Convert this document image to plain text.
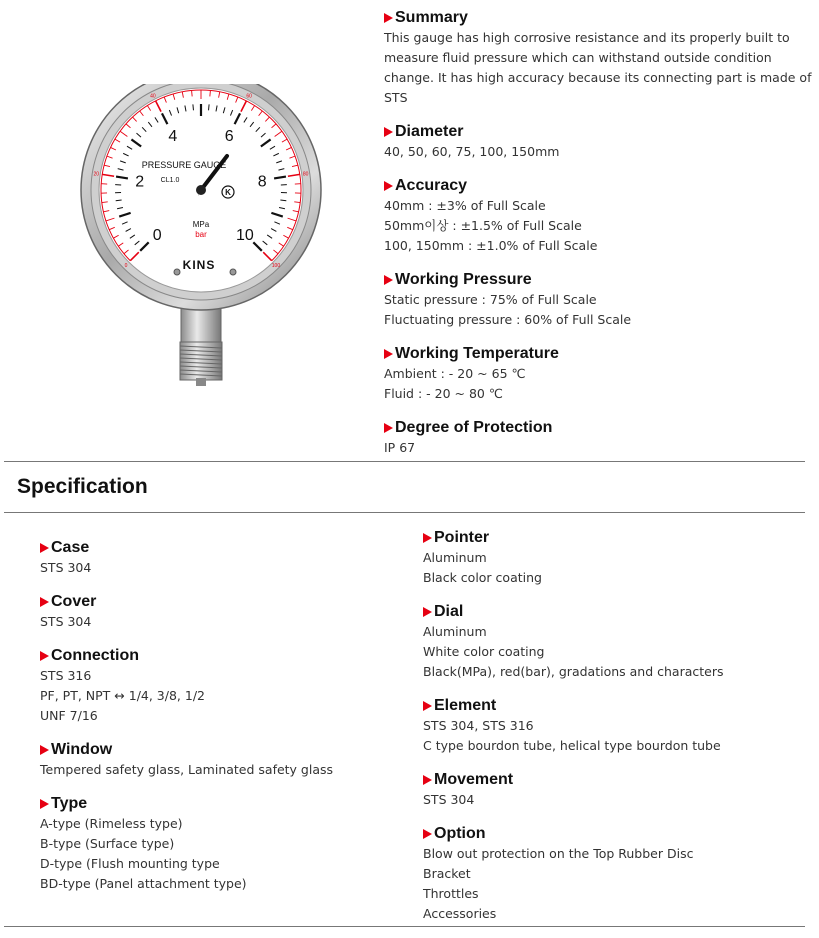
0
2
4	6
8
10
0
20
40	60
80
100
PRESSURE GAUGE
CL1.0
MPa
bar
KINS
K
Summary
This gauge has high corrosive resistance and its properly built to
measure fluid pressure which can withstand outside condition
change. It has high accuracy because its connecting part is made of
STS
Diameter
40, 50, 60, 75, 100, 150mm
Accuracy
40mm : ±3% of Full Scale
50mm이상 : ±1.5% of Full Scale
100, 150mm : ±1.0% of Full Scale
Working Pressure
Static pressure : 75% of Full Scale
Fluctuating pressure : 60% of Full Scale
Working Temperature
Ambient : - 20 ~ 65 ℃
Fluid : - 20 ~ 80 ℃
Degree of Protection
IP 67
Specification
Case
STS 304
Cover
STS 304
Connection
STS 316
PF, PT, NPT ↔ 1/4, 3/8, 1/2
UNF 7/16
Window
Tempered safety glass, Laminated safety glass
Type
A-type (Rimeless type)
B-type (Surface type)
D-type (Flush mounting type
BD-type (Panel attachment type)
Pointer
Aluminum
Black color coating
Dial
Aluminum
White color coating
Black(MPa), red(bar), gradations and characters
Element
STS 304, STS 316
C type bourdon tube, helical type bourdon tube
Movement
STS 304
Option
Blow out protection on the Top Rubber Disc
Bracket
Throttles
Accessories
